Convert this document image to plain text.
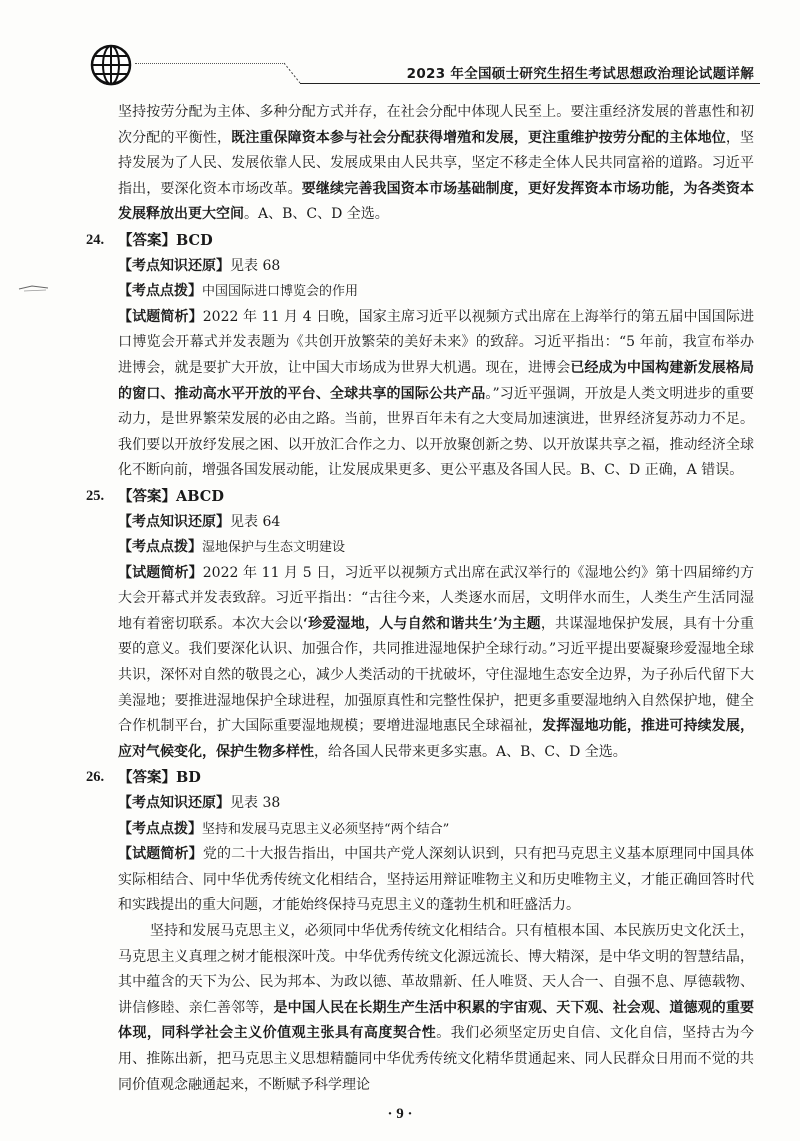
2023 年全国硕士研究生招生考试思想政治理论试题详解

坚持按劳分配为主体、多种分配方式并存，在社会分配中体现人民至上。要注重经济发展的普惠性和初次分配的平衡性，既注重保障资本参与社会分配获得增殖和发展，更注重维护按劳分配的主体地位，坚持发展为了人民、发展依靠人民、发展成果由人民共享，坚定不移走全体人民共同富裕的道路。习近平指出，要深化资本市场改革。要继续完善我国资本市场基础制度，更好发挥资本市场功能，为各类资本发展释放出更大空间。A、B、C、D 全选。

24. 【答案】 BCD

【考点知识还原】见表 68

【考点点拨】中国国际进口博览会的作用

【试题简析】2022 年 11 月 4 日晚，国家主席习近平以视频方式出席在上海举行的第五届中国国际进口博览会开幕式并发表题为《共创开放繁荣的美好未来》的致辞。习近平指出：“5 年前，我宣布举办进博会，就是要扩大开放，让中国大市场成为世界大机遇。现在，进博会已经成为中国构建新发展格局的窗口、推动高水平开放的平台、全球共享的国际公共产品。”习近平强调，开放是人类文明进步的重要动力，是世界繁荣发展的必由之路。当前，世界百年未有之大变局加速演进，世界经济复苏动力不足。我们要以开放纾发展之困、以开放汇合作之力、以开放聚创新之势、以开放谋共享之福，推动经济全球化不断向前，增强各国发展动能，让发展成果更多、更公平惠及各国人民。B、C、D 正确，A 错误。

25. 【答案】 ABCD

【考点知识还原】见表 64

【考点点拨】湿地保护与生态文明建设

【试题简析】2022 年 11 月 5 日，习近平以视频方式出席在武汉举行的《湿地公约》第十四届缔约方大会开幕式并发表致辞。习近平指出：“古往今来，人类逐水而居，文明伴水而生，人类生产生活同湿地有着密切联系。本次大会以‘珍爱湿地，人与自然和谐共生’为主题，共谋湿地保护发展，具有十分重要的意义。我们要深化认识、加强合作，共同推进湿地保护全球行动。”习近平提出要凝聚珍爱湿地全球共识，深怀对自然的敬畏之心，减少人类活动的干扰破坏，守住湿地生态安全边界，为子孙后代留下大美湿地；要推进湿地保护全球进程，加强原真性和完整性保护，把更多重要湿地纳入自然保护地，健全合作机制平台，扩大国际重要湿地规模；要增进湿地惠民全球福祉，发挥湿地功能，推进可持续发展，应对气候变化，保护生物多样性，给各国人民带来更多实惠。A、B、C、D 全选。

26. 【答案】 BD

【考点知识还原】见表 38

【考点点拨】坚持和发展马克思主义必须坚持“两个结合”

【试题简析】党的二十大报告指出，中国共产党人深刻认识到，只有把马克思主义基本原理同中国具体实际相结合、同中华优秀传统文化相结合，坚持运用辩证唯物主义和历史唯物主义，才能正确回答时代和实践提出的重大问题，才能始终保持马克思主义的蓬勃生机和旺盛活力。

坚持和发展马克思主义，必须同中华优秀传统文化相结合。只有植根本国、本民族历史文化沃土，马克思主义真理之树才能根深叶茂。中华优秀传统文化源远流长、博大精深，是中华文明的智慧结晶，其中蕴含的天下为公、民为邦本、为政以德、革故鼎新、任人唯贤、天人合一、自强不息、厚德载物、讲信修睦、亲仁善邻等，是中国人民在长期生产生活中积累的宇宙观、天下观、社会观、道德观的重要体现，同科学社会主义价值观主张具有高度契合性。我们必须坚定历史自信、文化自信，坚持古为今用、推陈出新，把马克思主义思想精髓同中华优秀传统文化精华贯通起来、同人民群众日用而不觉的共同价值观念融通起来，不断赋予科学理论

· 9 ·
